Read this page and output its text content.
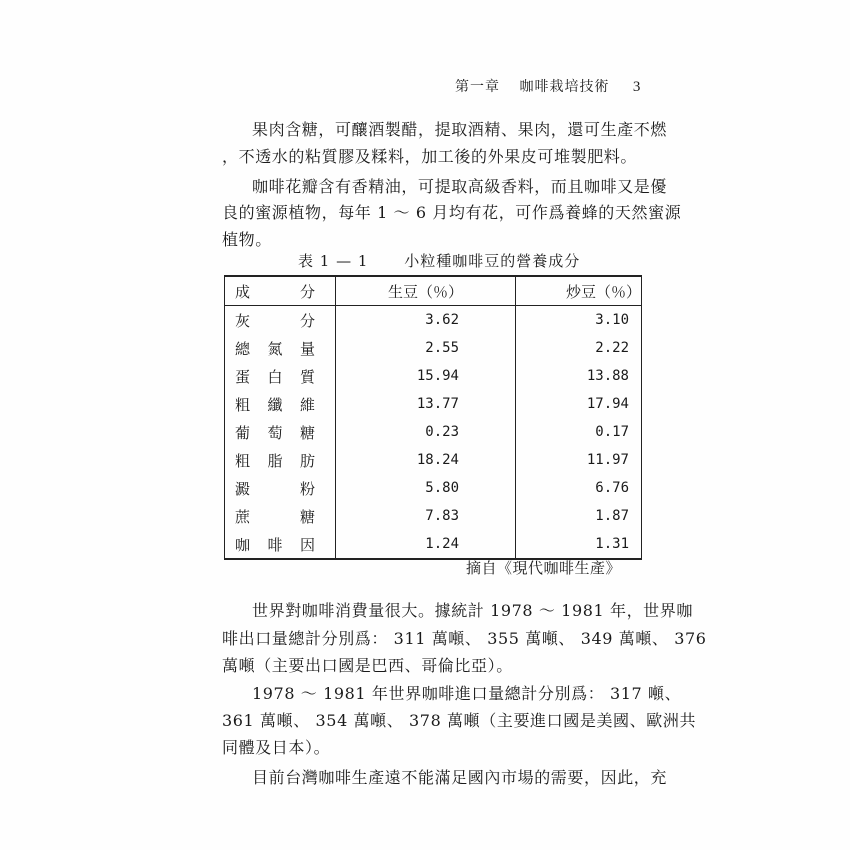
第一章 咖啡栽培技術 3
果肉含糖，可釀酒製醋，提取酒精、果肉，還可生產不燃
，不透水的粘質膠及糅料，加工後的外果皮可堆製肥料。
咖啡花瓣含有香精油，可提取高級香料，而且咖啡又是優
良的蜜源植物，每年 1 ～ 6 月均有花，可作爲養蜂的天然蜜源
植物。
表 1 — 1 小粒種咖啡豆的營養成分
成 分	生豆（％）	炒豆（％）

灰 分	3.62	3.10

總 氮 量	2.55	2.22

蛋 白 質	15.94	13.88

粗 纖 維	13.77	17.94

葡 萄 糖	0.23	0.17

粗 脂 肪	18.24	11.97

澱 粉	5.80	6.76

蔗 糖	7.83	1.87

咖 啡 因	1.24	1.31
摘自《現代咖啡生產》
世界對咖啡消費量很大。據統計 1978 ～ 1981 年，世界咖
啡出口量總計分別爲： 311 萬噸、 355 萬噸、 349 萬噸、 376
萬噸（主要出口國是巴西、哥倫比亞）。
1978 ～ 1981 年世界咖啡進口量總計分別爲： 317 噸、
361 萬噸、 354 萬噸、 378 萬噸（主要進口國是美國、歐洲共
同體及日本）。
目前台灣咖啡生產遠不能滿足國內市場的需要，因此，充
